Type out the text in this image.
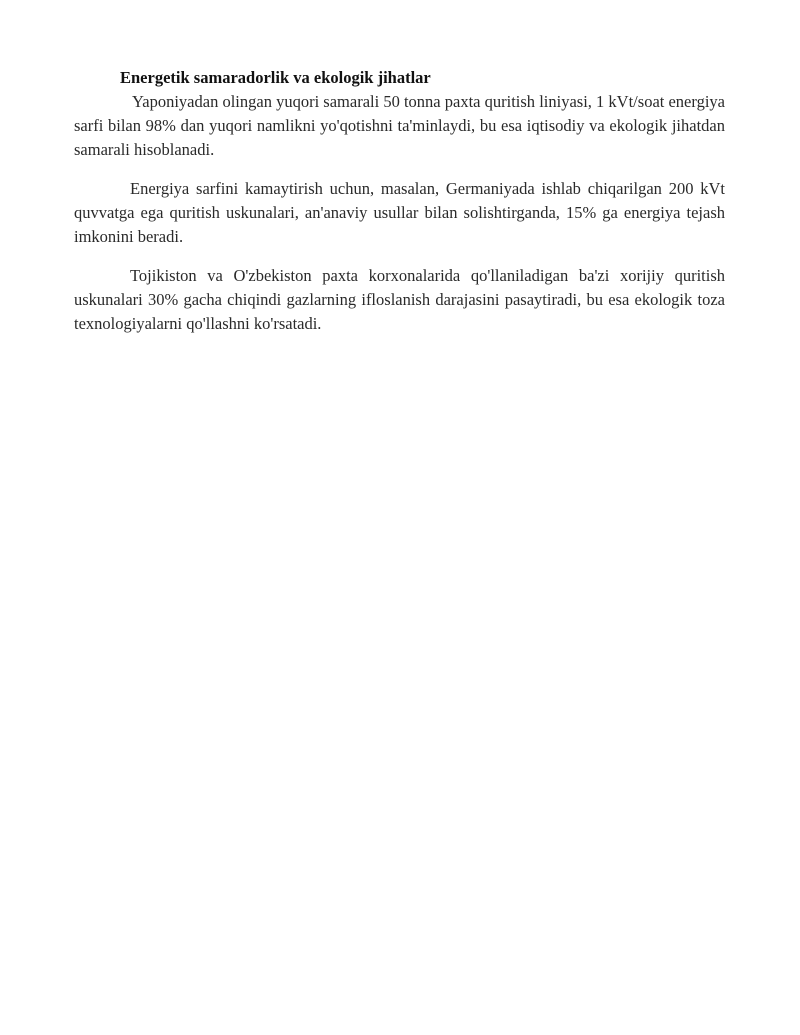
Energetik samaradorlik va ekologik jihatlar

Yaponiyadan olingan yuqori samarali 50 tonna paxta quritish liniyasi, 1 kVt/soat energiya sarfi bilan 98% dan yuqori namlikni yo'qotishni ta'minlaydi, bu esa iqtisodiy va ekologik jihatdan samarali hisoblanadi.

Energiya sarfini kamaytirish uchun, masalan, Germaniyada ishlab chiqarilgan 200 kVt quvvatga ega quritish uskunalari, an'anaviy usullar bilan solishtirganda, 15% ga energiya tejash imkonini beradi.

Tojikiston va O'zbekiston paxta korxonalarida qo'llaniladigan ba'zi xorijiy quritish uskunalari 30% gacha chiqindi gazlarning ifloslanish darajasini pasaytiradi, bu esa ekologik toza texnologiyalarni qo'llashni ko'rsatadi.
